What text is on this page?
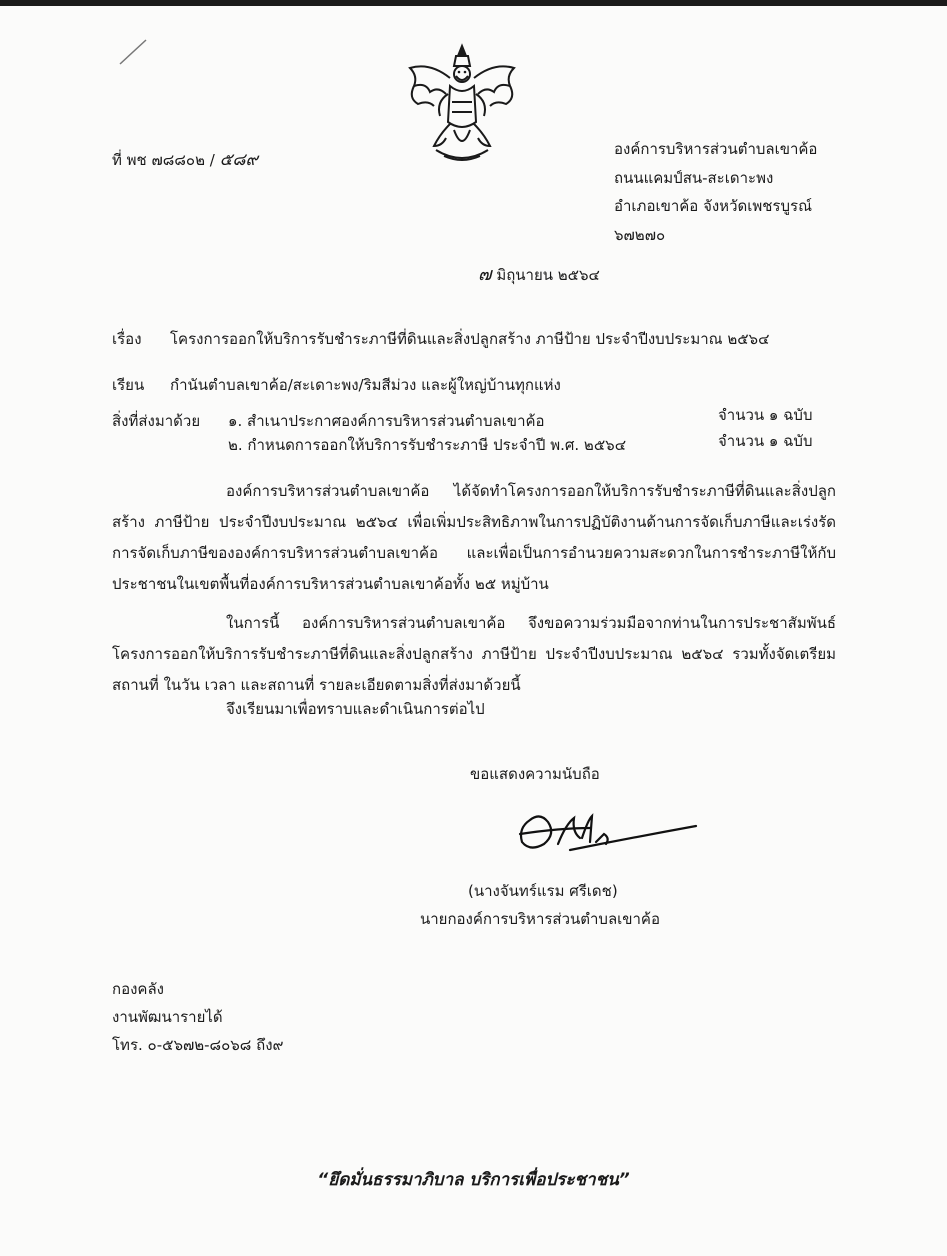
ที่ พช ๗๘๘๐๒ / ๕๘๙
องค์การบริหารส่วนตำบลเขาค้อ
ถนนแคมป์สน-สะเดาะพง
อำเภอเขาค้อ จังหวัดเพชรบูรณ์
๖๗๒๗๐
๗ มิถุนายน ๒๕๖๔
เรื่อง โครงการออกให้บริการรับชำระภาษีที่ดินและสิ่งปลูกสร้าง ภาษีป้าย ประจำปีงบประมาณ ๒๕๖๔
เรียน กำนันตำบลเขาค้อ/สะเดาะพง/ริมสีม่วง และผู้ใหญ่บ้านทุกแห่ง
สิ่งที่ส่งมาด้วย ๑. สำเนาประกาศองค์การบริหารส่วนตำบลเขาค้อ	จำนวน ๑ ฉบับ
๒. กำหนดการออกให้บริการรับชำระภาษี ประจำปี พ.ศ. ๒๕๖๔	จำนวน ๑ ฉบับ
องค์การบริหารส่วนตำบลเขาค้อ ได้จัดทำโครงการออกให้บริการรับชำระภาษีที่ดินและสิ่งปลูกสร้าง ภาษีป้าย ประจำปีงบประมาณ ๒๕๖๔ เพื่อเพิ่มประสิทธิภาพในการปฏิบัติงานด้านการจัดเก็บภาษีและเร่งรัดการจัดเก็บภาษีขององค์การบริหารส่วนตำบลเขาค้อ และเพื่อเป็นการอำนวยความสะดวกในการชำระภาษีให้กับประชาชนในเขตพื้นที่องค์การบริหารส่วนตำบลเขาค้อทั้ง ๒๕ หมู่บ้าน
ในการนี้ องค์การบริหารส่วนตำบลเขาค้อ จึงขอความร่วมมือจากท่านในการประชาสัมพันธ์โครงการออกให้บริการรับชำระภาษีที่ดินและสิ่งปลูกสร้าง ภาษีป้าย ประจำปีงบประมาณ ๒๕๖๔ รวมทั้งจัดเตรียมสถานที่ ในวัน เวลา และสถานที่ รายละเอียดตามสิ่งที่ส่งมาด้วยนี้
จึงเรียนมาเพื่อทราบและดำเนินการต่อไป
ขอแสดงความนับถือ
(นางจันทร์แรม ศรีเดช)
นายกองค์การบริหารส่วนตำบลเขาค้อ
กองคลัง
งานพัฒนารายได้
โทร. ๐-๕๖๗๒-๘๐๖๘ ถึง๙
“ยึดมั่นธรรมาภิบาล บริการเพื่อประชาชน”
